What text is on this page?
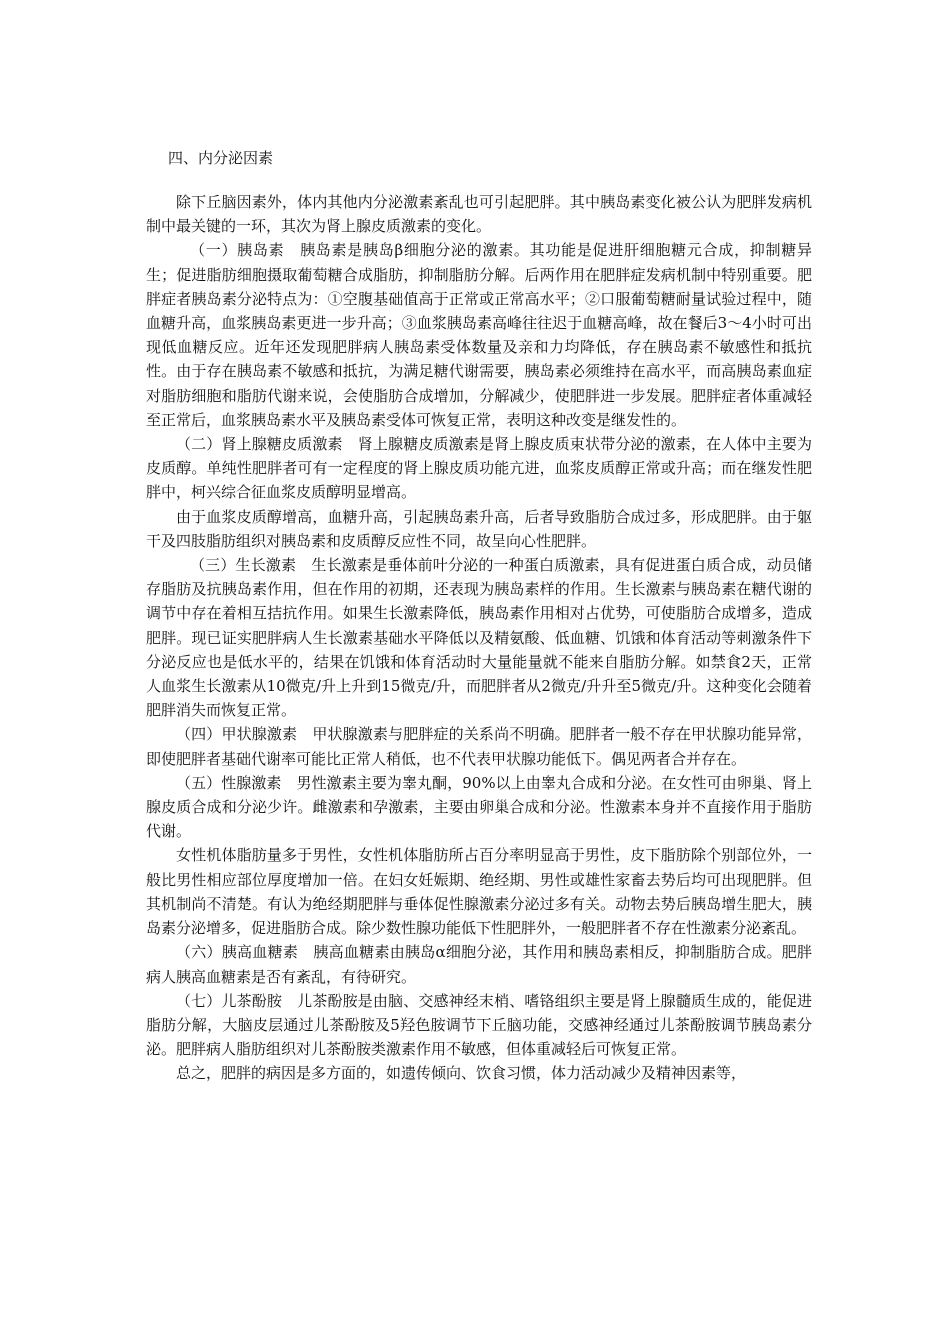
四、内分泌因素

除下丘脑因素外，体内其他内分泌激素紊乱也可引起肥胖。其中胰岛素变化被公认为肥胖发病机制中最关键的一环，其次为肾上腺皮质激素的变化。

（一）胰岛素　胰岛素是胰岛β细胞分泌的激素。其功能是促进肝细胞糖元合成，抑制糖异生；促进脂肪细胞摄取葡萄糖合成脂肪，抑制脂肪分解。后两作用在肥胖症发病机制中特别重要。肥胖症者胰岛素分泌特点为：①空腹基础值高于正常或正常高水平；②口服葡萄糖耐量试验过程中，随血糖升高，血浆胰岛素更进一步升高；③血浆胰岛素高峰往往迟于血糖高峰，故在餐后3～4小时可出现低血糖反应。近年还发现肥胖病人胰岛素受体数量及亲和力均降低，存在胰岛素不敏感性和抵抗性。由于存在胰岛素不敏感和抵抗，为满足糖代谢需要，胰岛素必须维持在高水平，而高胰岛素血症对脂肪细胞和脂肪代谢来说，会使脂肪合成增加，分解减少，使肥胖进一步发展。肥胖症者体重减轻至正常后，血浆胰岛素水平及胰岛素受体可恢复正常，表明这种改变是继发性的。

（二）肾上腺糖皮质激素　肾上腺糖皮质激素是肾上腺皮质束状带分泌的激素，在人体中主要为皮质醇。单纯性肥胖者可有一定程度的肾上腺皮质功能亢进，血浆皮质醇正常或升高；而在继发性肥胖中，柯兴综合征血浆皮质醇明显增高。

由于血浆皮质醇增高，血糖升高，引起胰岛素升高，后者导致脂肪合成过多，形成肥胖。由于躯干及四肢脂肪组织对胰岛素和皮质醇反应性不同，故呈向心性肥胖。

（三）生长激素　生长激素是垂体前叶分泌的一种蛋白质激素，具有促进蛋白质合成，动员储存脂肪及抗胰岛素作用，但在作用的初期，还表现为胰岛素样的作用。生长激素与胰岛素在糖代谢的调节中存在着相互拮抗作用。如果生长激素降低，胰岛素作用相对占优势，可使脂肪合成增多，造成肥胖。现已证实肥胖病人生长激素基础水平降低以及精氨酸、低血糖、饥饿和体育活动等刺激条件下分泌反应也是低水平的，结果在饥饿和体育活动时大量能量就不能来自脂肪分解。如禁食2天，正常人血浆生长激素从10微克/升上升到15微克/升，而肥胖者从2微克/升升至5微克/升。这种变化会随着肥胖消失而恢复正常。

（四）甲状腺激素　甲状腺激素与肥胖症的关系尚不明确。肥胖者一般不存在甲状腺功能异常，即使肥胖者基础代谢率可能比正常人稍低，也不代表甲状腺功能低下。偶见两者合并存在。

（五）性腺激素　男性激素主要为睾丸酮，90%以上由睾丸合成和分泌。在女性可由卵巢、肾上腺皮质合成和分泌少许。雌激素和孕激素，主要由卵巢合成和分泌。性激素本身并不直接作用于脂肪代谢。

女性机体脂肪量多于男性，女性机体脂肪所占百分率明显高于男性，皮下脂肪除个别部位外，一般比男性相应部位厚度增加一倍。在妇女妊娠期、绝经期、男性或雄性家畜去势后均可出现肥胖。但其机制尚不清楚。有认为绝经期肥胖与垂体促性腺激素分泌过多有关。动物去势后胰岛增生肥大，胰岛素分泌增多，促进脂肪合成。除少数性腺功能低下性肥胖外，一般肥胖者不存在性激素分泌紊乱。

（六）胰高血糖素　胰高血糖素由胰岛α细胞分泌，其作用和胰岛素相反，抑制脂肪合成。肥胖病人胰高血糖素是否有紊乱，有待研究。

（七）儿茶酚胺　儿茶酚胺是由脑、交感神经末梢、嗜铬组织主要是肾上腺髓质生成的，能促进脂肪分解，大脑皮层通过儿茶酚胺及5羟色胺调节下丘脑功能，交感神经通过儿茶酚胺调节胰岛素分泌。肥胖病人脂肪组织对儿茶酚胺类激素作用不敏感，但体重减轻后可恢复正常。

总之，肥胖的病因是多方面的，如遗传倾向、饮食习惯，体力活动减少及精神因素等，
